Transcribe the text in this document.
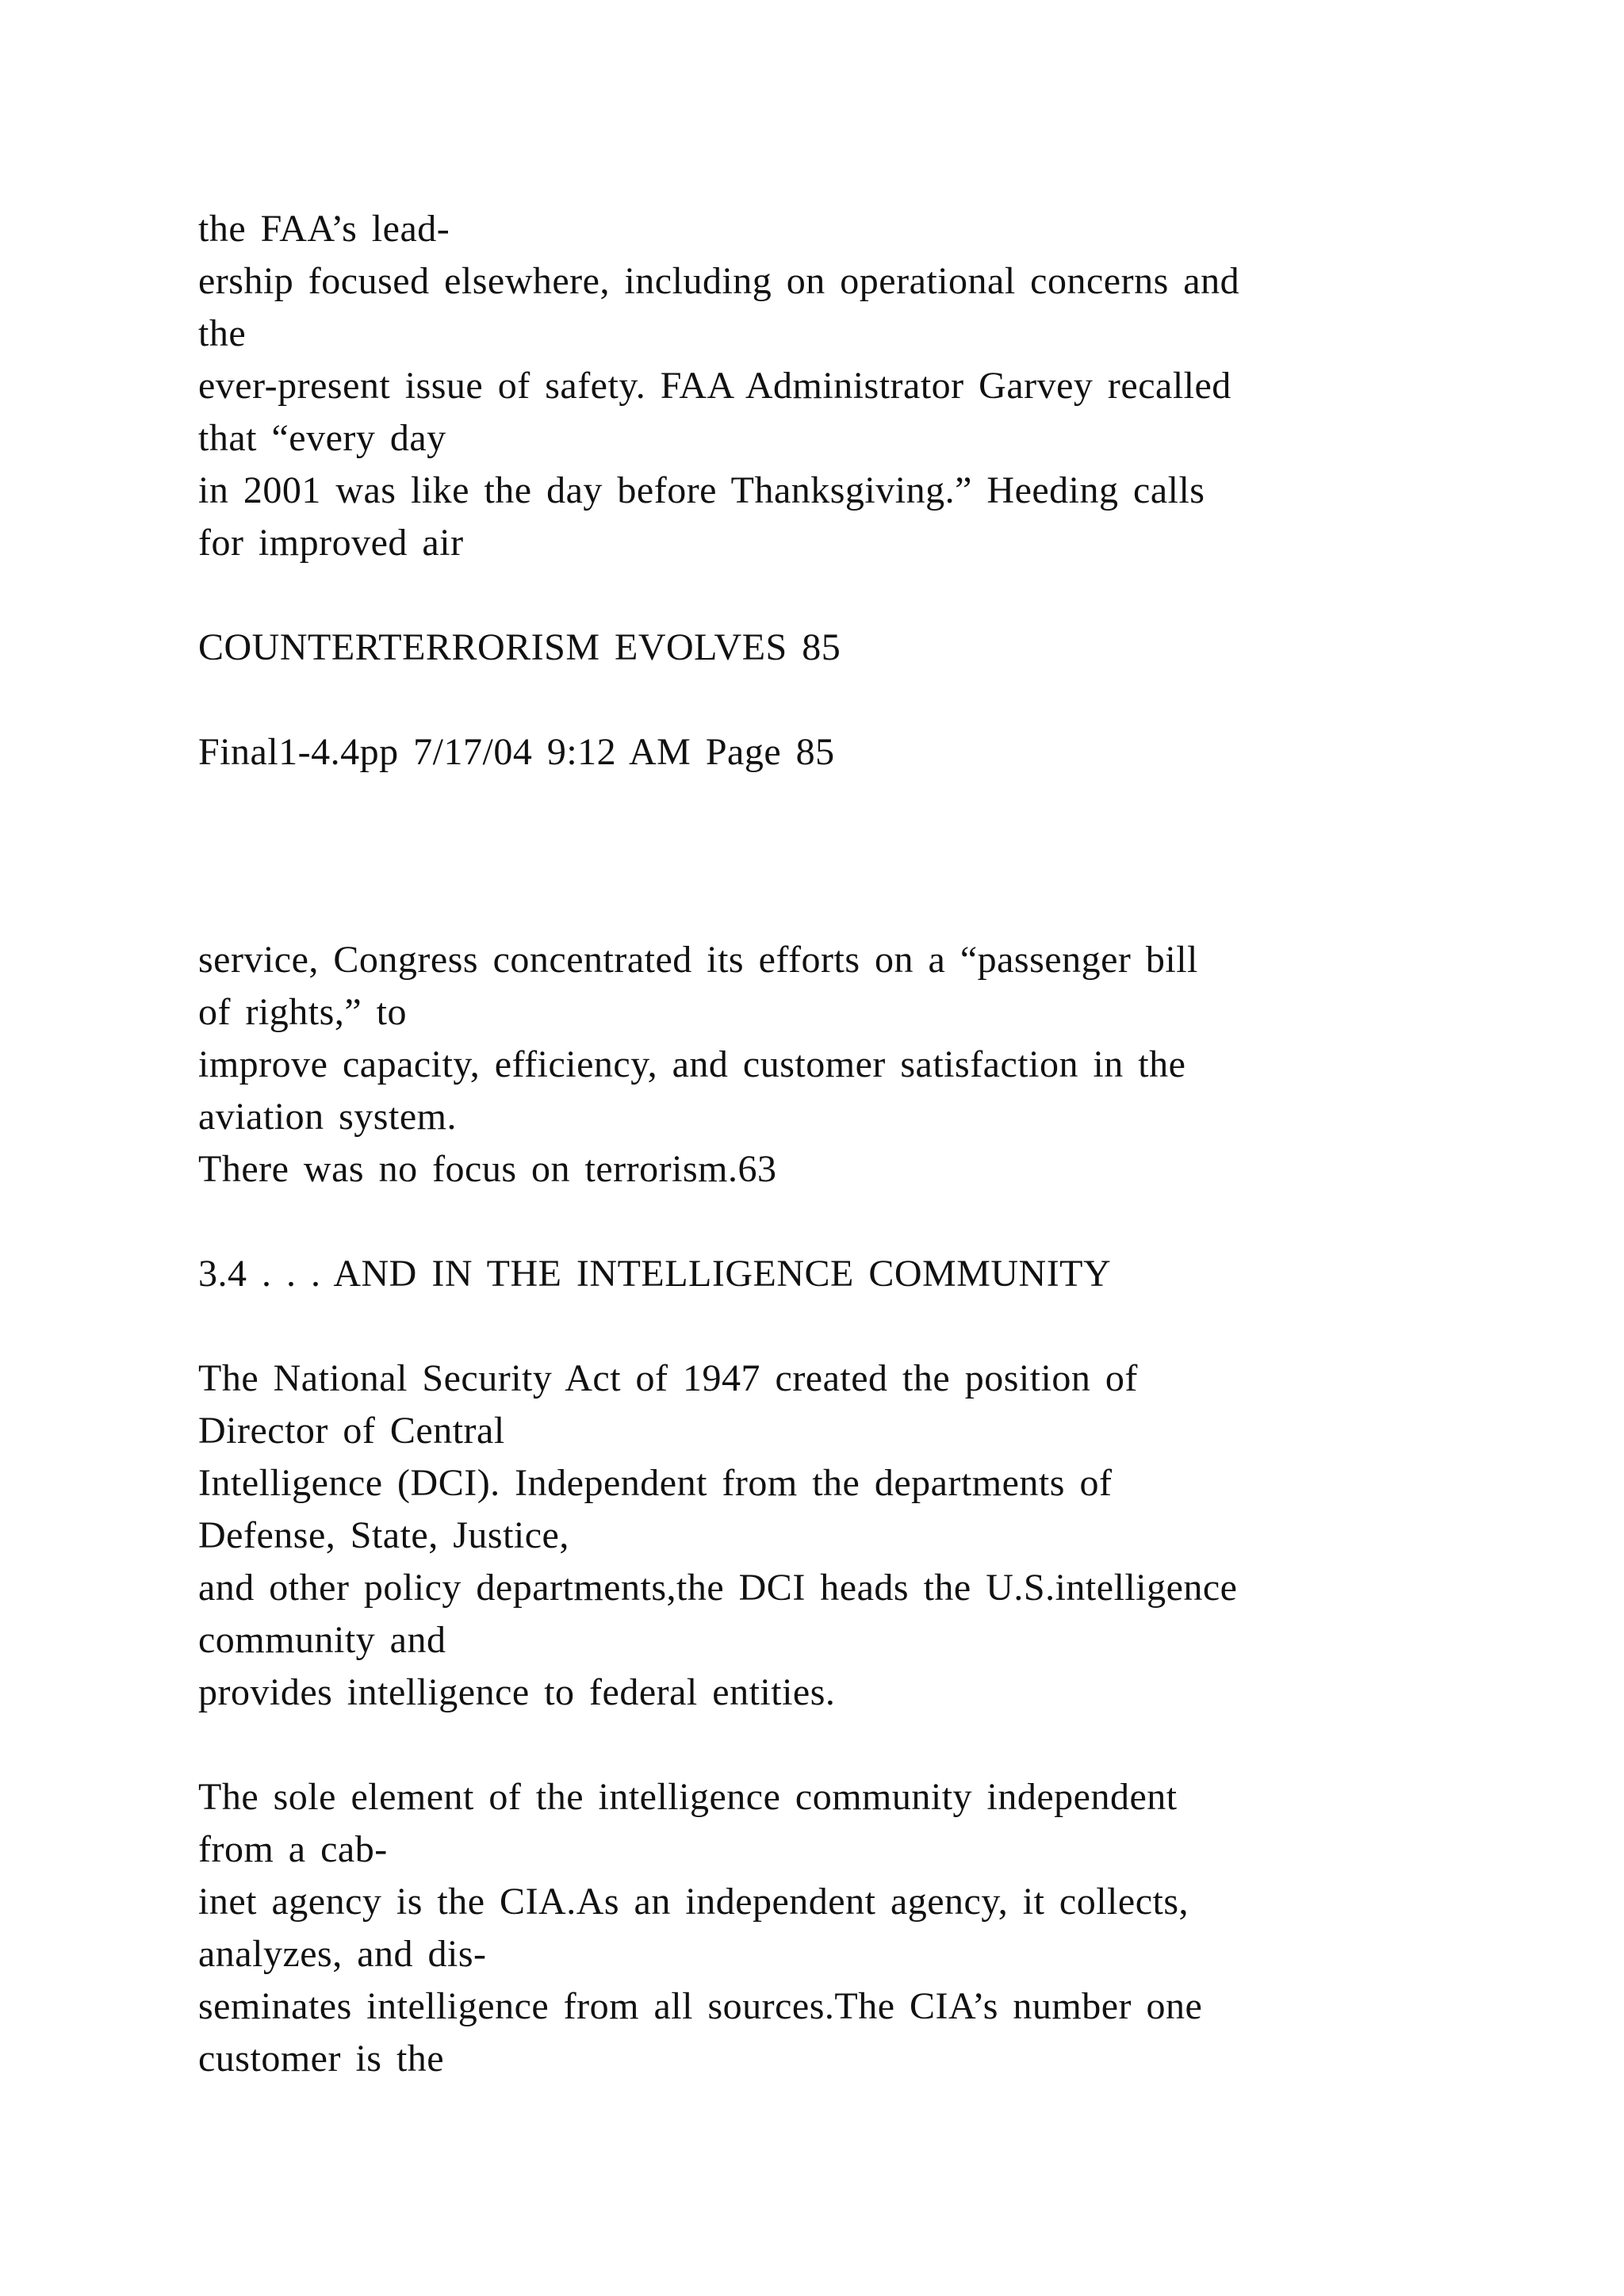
the FAA’s lead-
ership focused elsewhere, including on operational concerns and
the
ever-present issue of safety. FAA Administrator Garvey recalled
that “every day
in 2001 was like the day before Thanksgiving.” Heeding calls
for improved air
COUNTERTERRORISM EVOLVES 85
Final1-4.4pp 7/17/04 9:12 AM Page 85
service, Congress concentrated its efforts on a “passenger bill
of rights,” to
improve capacity, efficiency, and customer satisfaction in the
aviation system.
There was no focus on terrorism.63
3.4 . . . AND IN THE INTELLIGENCE COMMUNITY
The National Security Act of 1947 created the position of
Director of Central
Intelligence (DCI). Independent from the departments of
Defense, State, Justice,
and other policy departments,the DCI heads the U.S.intelligence
community and
provides intelligence to federal entities.
The sole element of the intelligence community independent
from a cab-
inet agency is the CIA.As an independent agency, it collects,
analyzes, and dis-
seminates intelligence from all sources.The CIA’s number one
customer is the
